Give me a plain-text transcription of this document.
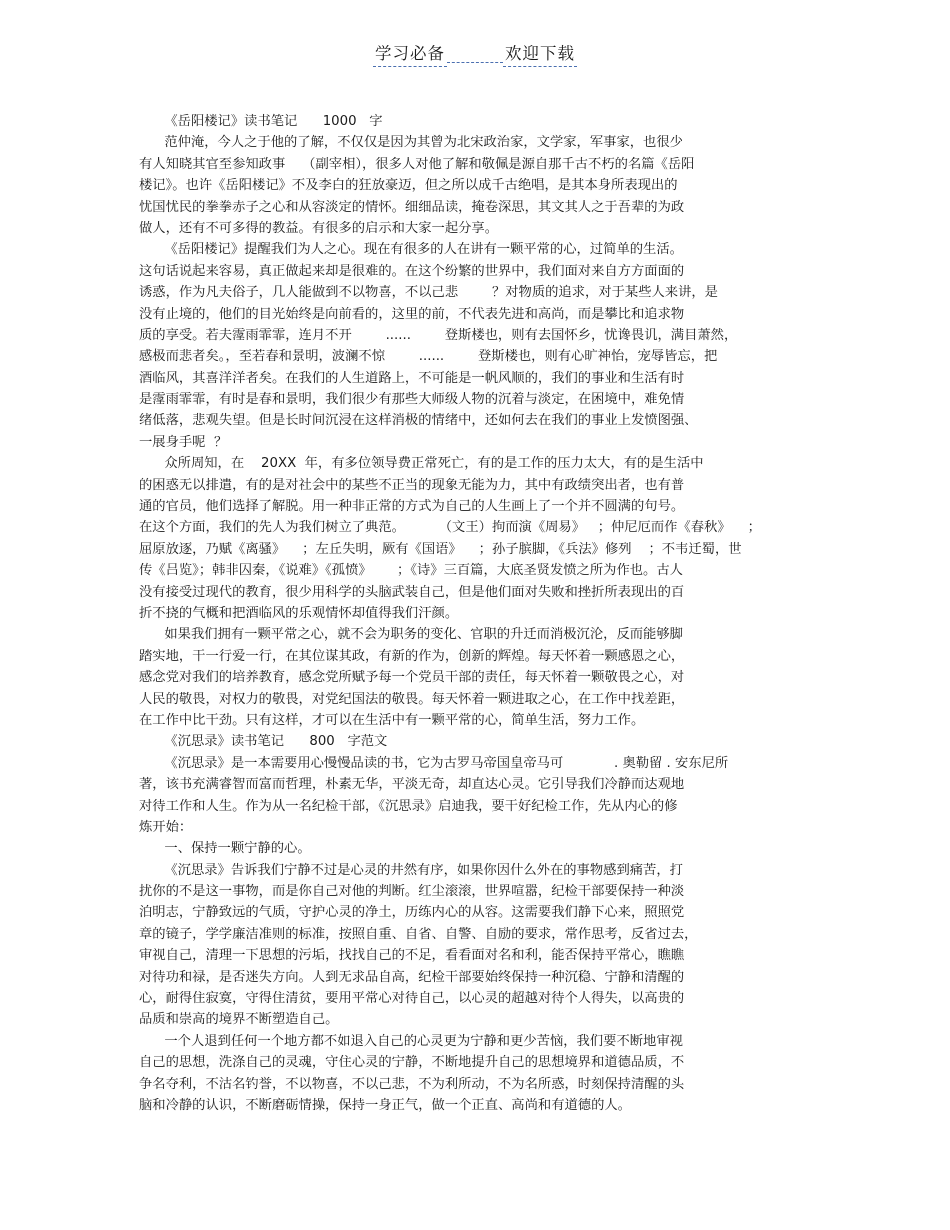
学习必备	欢迎下载
《岳阳楼记》读书笔记      1000   字
范仲淹，今人之于他的了解，不仅仅是因为其曾为北宋政治家，文学家，军事家，也很少
有人知晓其官至参知政事    （副宰相），很多人对他了解和敬佩是源自那千古不朽的名篇《岳阳
楼记》。也许《岳阳楼记》不及李白的狂放豪迈，但之所以成千古绝唱，是其本身所表现出的
忧国忧民的拳拳赤子之心和从容淡定的情怀。细细品读，掩卷深思，其文其人之于吾辈的为政
做人，还有不可多得的教益。有很多的启示和大家一起分享。
《岳阳楼记》提醒我们为人之心。现在有很多的人在讲有一颗平常的心，过简单的生活。
这句话说起来容易，真正做起来却是很难的。在这个纷繁的世界中，我们面对来自方方面面的
诱惑，作为凡夫俗子，几人能做到不以物喜，不以己悲        ？对物质的追求，对于某些人来讲，是
没有止境的，他们的目光始终是向前看的，这里的前，不代表先进和高尚，而是攀比和追求物
质的享受。若夫霪雨霏霏，连月不开        ......        登斯楼也，则有去国怀乡，忧谗畏讥，满目萧然，
感极而悲者矣。，至若春和景明，波澜不惊        ......        登斯楼也，则有心旷神怡，宠辱皆忘，把
酒临风，其喜洋洋者矣。在我们的人生道路上，不可能是一帆风顺的，我们的事业和生活有时
是霪雨霏霏，有时是春和景明，我们很少有那些大师级人物的沉着与淡定，在困境中，难免情
绪低落，悲观失望。但是长时间沉浸在这样消极的情绪中，还如何去在我们的事业上发愤图强、
一展身手呢  ？
众所周知，在    20XX  年，有多位领导费正常死亡，有的是工作的压力太大，有的是生活中
的困惑无以排遣，有的是对社会中的某些不正当的现象无能为力，其中有政绩突出者，也有普
通的官员，他们选择了解脱。用一种非正常的方式为自己的人生画上了一个并不圆满的句号。
在这个方面，我们的先人为我们树立了典范。        （文王）拘而演《周易》   ；仲尼厄而作《春秋》    ；
屈原放逐，乃赋《离骚》    ；左丘失明，厥有《国语》    ；孙子膑脚，《兵法》修列    ；不韦迁蜀，世
传《吕览》；韩非囚秦，《说难》《孤愤》      ；《诗》三百篇，大底圣贤发愤之所为作也。古人
没有接受过现代的教育，很少用科学的头脑武装自己，但是他们面对失败和挫折所表现出的百
折不挠的气概和把酒临风的乐观情怀却值得我们汗颜。
如果我们拥有一颗平常之心，就不会为职务的变化、官职的升迁而消极沉沦，反而能够脚
踏实地，干一行爱一行，在其位谋其政，有新的作为，创新的辉煌。每天怀着一颗感恩之心，
感念党对我们的培养教育，感念党所赋予每一个党员干部的责任，每天怀着一颗敬畏之心，对
人民的敬畏，对权力的敬畏，对党纪国法的敬畏。每天怀着一颗进取之心，在工作中找差距，
在工作中比干劲。只有这样，才可以在生活中有一颗平常的心，简单生活，努力工作。
《沉思录》读书笔记      800   字范文
《沉思录》是一本需要用心慢慢品读的书，它为古罗马帝国皇帝马可            . 奥勒留 . 安东尼所
著，该书充满睿智而富而哲理，朴素无华，平淡无奇，却直达心灵。它引导我们冷静而达观地
对待工作和人生。作为从一名纪检干部，《沉思录》启迪我，要干好纪检工作，先从内心的修
炼开始：
一、保持一颗宁静的心。
《沉思录》告诉我们宁静不过是心灵的井然有序，如果你因什么外在的事物感到痛苦，打
扰你的不是这一事物，而是你自己对他的判断。红尘滚滚，世界喧嚣，纪检干部要保持一种淡
泊明志，宁静致远的气质，守护心灵的净土，历练内心的从容。这需要我们静下心来，照照党
章的镜子，学学廉洁准则的标准，按照自重、自省、自警、自励的要求，常作思考，反省过去，
审视自己，清理一下思想的污垢，找找自己的不足，看看面对名和利，能否保持平常心，瞧瞧
对待功和禄，是否迷失方向。人到无求品自高，纪检干部要始终保持一种沉稳、宁静和清醒的
心，耐得住寂寞，守得住清贫，要用平常心对待自己，以心灵的超越对待个人得失，以高贵的
品质和崇高的境界不断塑造自己。
一个人退到任何一个地方都不如退入自己的心灵更为宁静和更少苦恼，我们要不断地审视
自己的思想，洗涤自己的灵魂，守住心灵的宁静，不断地提升自己的思想境界和道德品质，不
争名夺利，不沽名钓誉，不以物喜，不以己悲，不为利所动，不为名所惑，时刻保持清醒的头
脑和冷静的认识，不断磨砺情操，保持一身正气，做一个正直、高尚和有道德的人。
